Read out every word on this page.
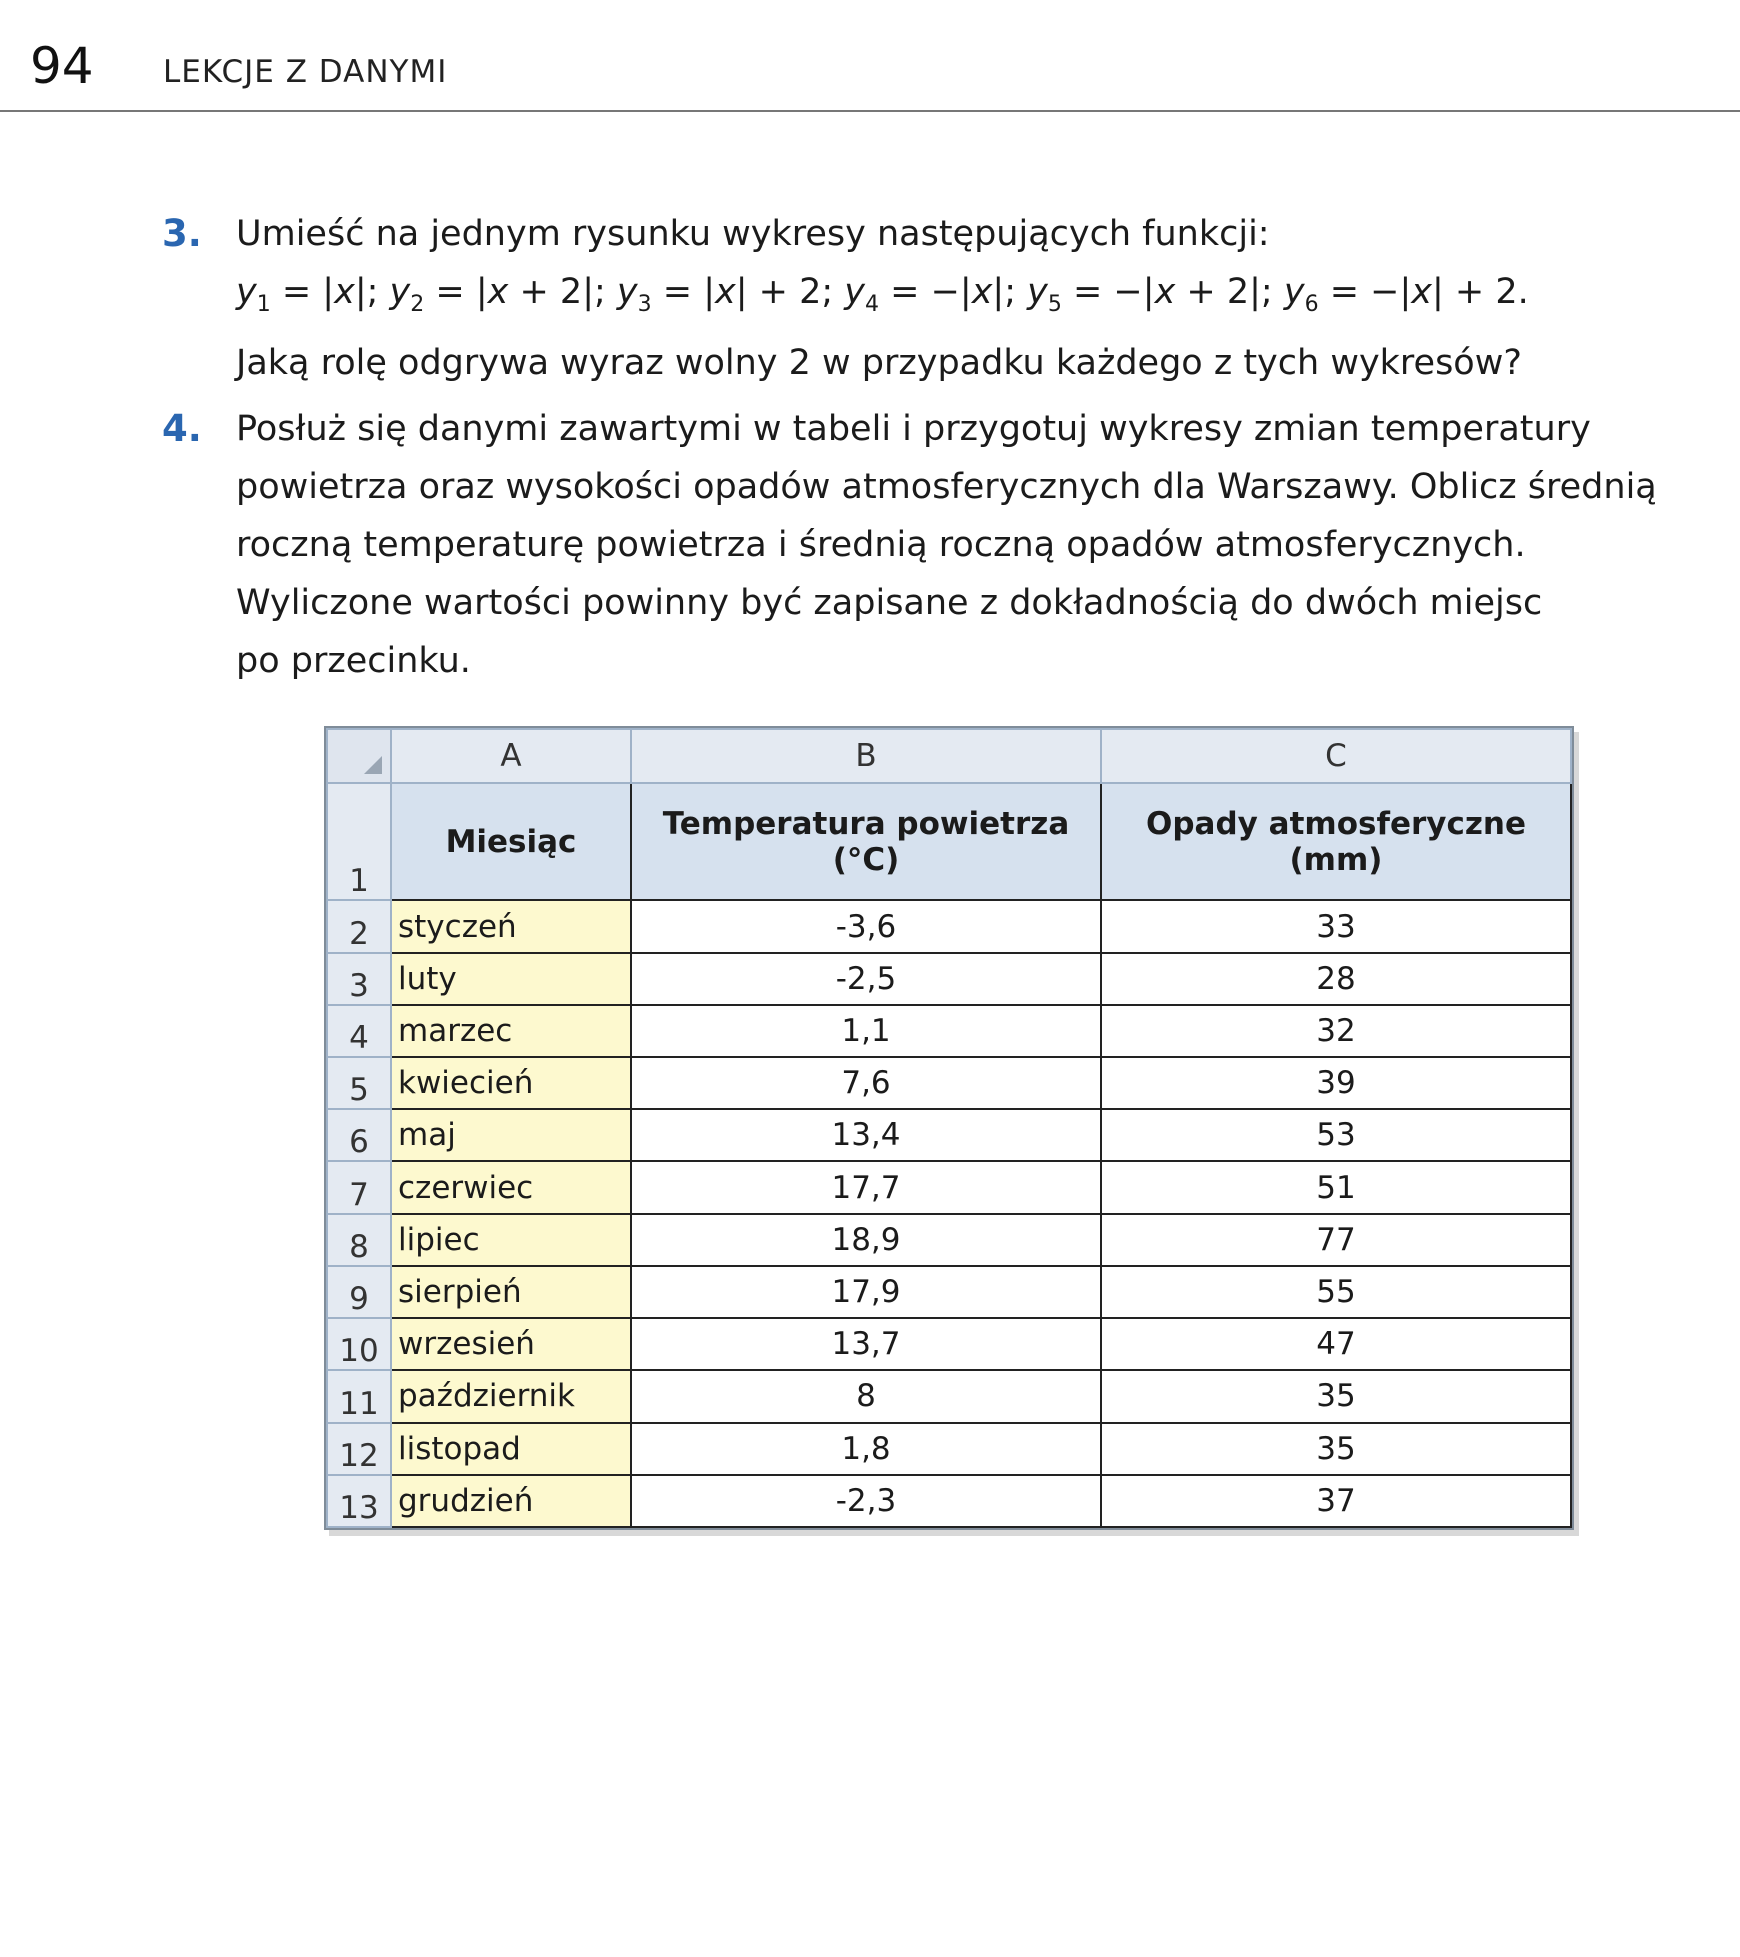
94 LEKCJE Z DANYMI
3. Umieść na jednym rysunku wykresy następujących funkcji:
$y_1 = |x|$; $y_2 = |x + 2|$; $y_3 = |x| + 2$; $y_4 = -|x|$; $y_5 = -|x + 2|$; $y_6 = -|x| + 2$.
Jaką rolę odgrywa wyraz wolny 2 w przypadku każdego z tych wykresów?
4. Posłuż się danymi zawartymi w tabeli i przygotuj wykresy zmian temperatury
powietrza oraz wysokości opadów atmosferycznych dla Warszawy. Oblicz średnią
roczną temperaturę powietrza i średnią roczną opadów atmosferycznych.
Wyliczone wartości powinny być zapisane z dokładnością do dwóch miejsc
po przecinku.
	A	B	C
1	Miesiąc	Temperatura powietrza (°C)	Opady atmosferyczne (mm)
2	styczeń	-3,6	33
3	luty	-2,5	28
4	marzec	1,1	32
5	kwiecień	7,6	39
6	maj	13,4	53
7	czerwiec	17,7	51
8	lipiec	18,9	77
9	sierpień	17,9	55
10	wrzesień	13,7	47
11	październik	8	35
12	listopad	1,8	35
13	grudzień	-2,3	37
